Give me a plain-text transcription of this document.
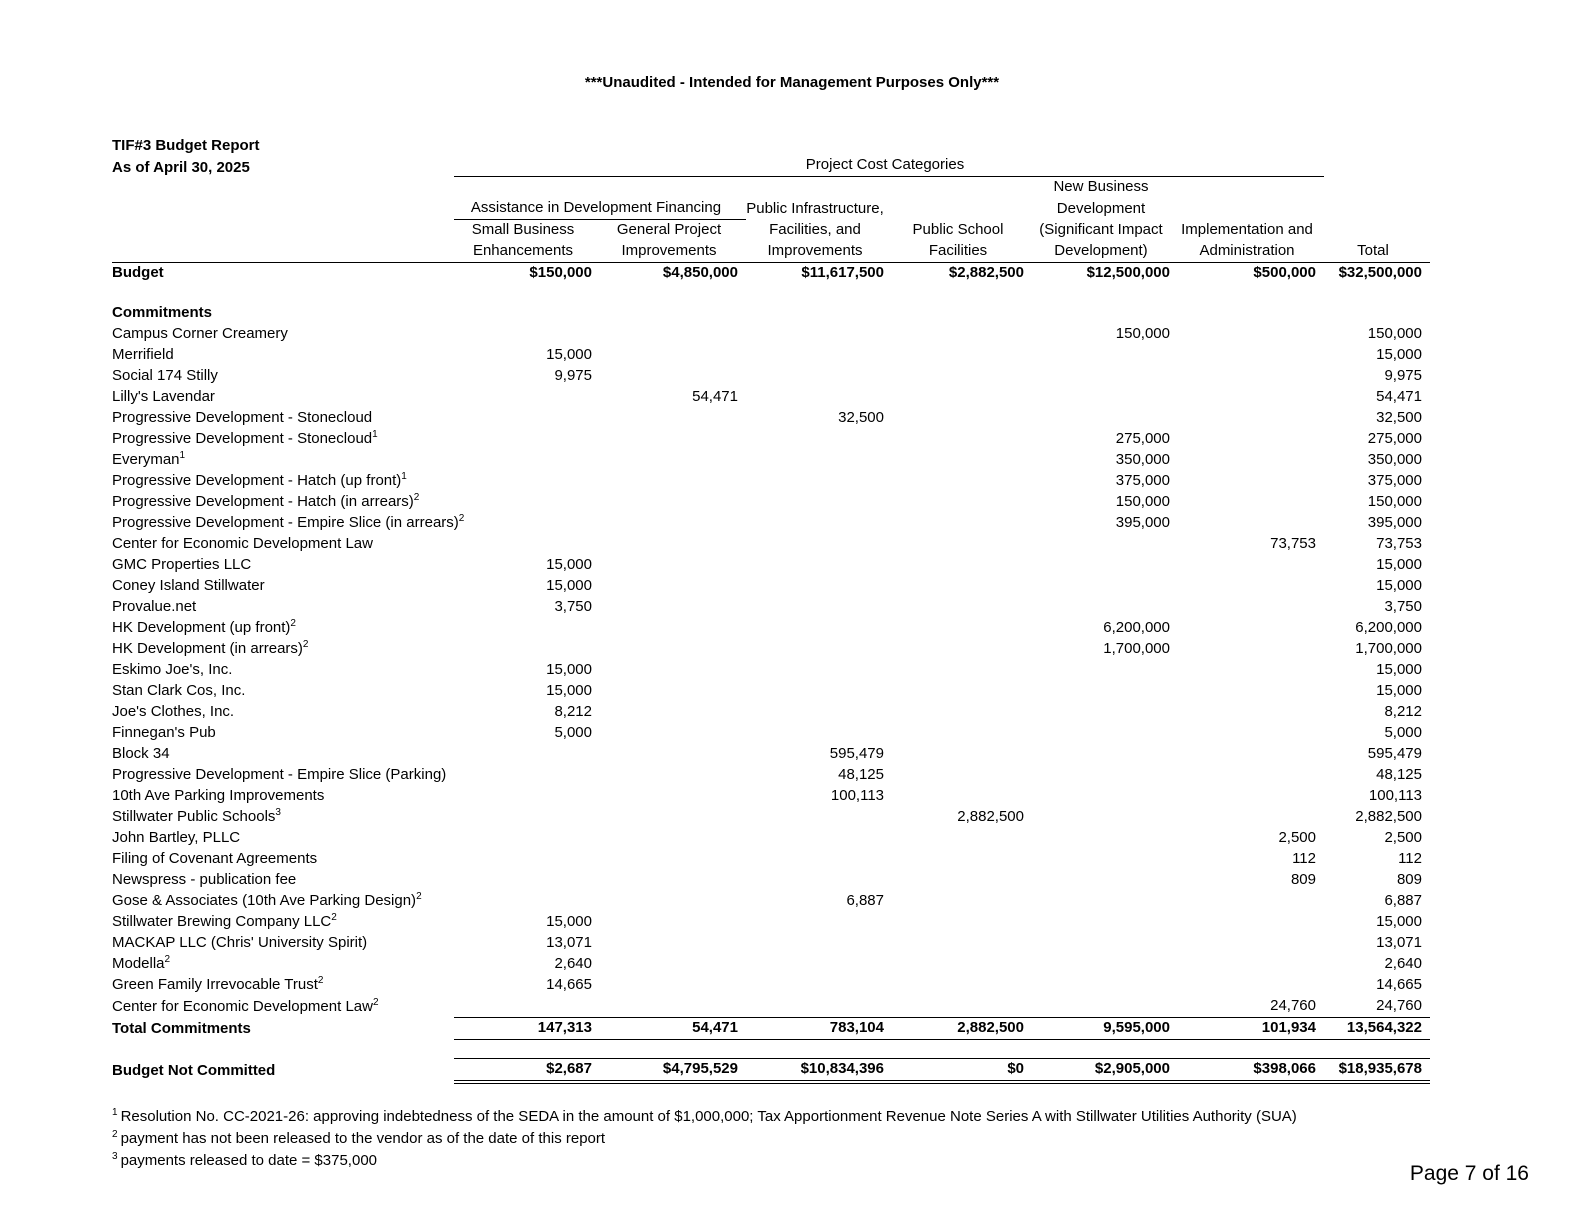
***Unaudited - Intended for Management Purposes Only***
TIF#3 Budget Report
As of April 30, 2025
		Project Cost Categories						
					New Business		
	Assistance in Development Financing		Public Infrastructure,		Development		
	Small Business	General Project	Facilities, and	Public School	(Significant Impact	Implementation and	
	Enhancements	Improvements	Improvements	Facilities	Development)	Administration	Total
Budget	$150,000	$4,850,000	$11,617,500	$2,882,500	$12,500,000	$500,000	$32,500,000

Commitments							
Campus Corner Creamery					150,000		150,000
Merrifield	15,000						15,000
Social 174 Stilly	9,975						9,975
Lilly's Lavendar		54,471					54,471
Progressive Development - Stonecloud			32,500				32,500
Progressive Development - Stonecloud$^1$					275,000		275,000
Everyman$^1$					350,000		350,000
Progressive Development - Hatch (up front)$^1$					375,000		375,000
Progressive Development - Hatch (in arrears)$^2$					150,000		150,000
Progressive Development - Empire Slice (in arrears)$^2$					395,000		395,000
Center for Economic Development Law						73,753	73,753
GMC Properties LLC	15,000						15,000
Coney Island Stillwater	15,000						15,000
Provalue.net	3,750						3,750
HK Development (up front)$^2$					6,200,000		6,200,000
HK Development (in arrears)$^2$					1,700,000		1,700,000
Eskimo Joe's, Inc.	15,000						15,000
Stan Clark Cos, Inc.	15,000						15,000
Joe's Clothes, Inc.	8,212						8,212
Finnegan's Pub	5,000						5,000
Block 34			595,479				595,479
Progressive Development - Empire Slice (Parking)			48,125				48,125
10th Ave Parking Improvements			100,113				100,113
Stillwater Public Schools$^3$				2,882,500			2,882,500
John Bartley, PLLC						2,500	2,500
Filing of Covenant Agreements						112	112
Newspress - publication fee						809	809
Gose & Associates (10th Ave Parking Design)$^2$			6,887				6,887
Stillwater Brewing Company LLC$^2$	15,000						15,000
MACKAP LLC (Chris' University Spirit)	13,071						13,071
Modella$^2$	2,640						2,640
Green Family Irrevocable Trust$^2$	14,665						14,665
Center for Economic Development Law$^2$						24,760	24,760
Total Commitments	147,313	54,471	783,104	2,882,500	9,595,000	101,934	13,564,322

Budget Not Committed	$2,687	$4,795,529	$10,834,396	$0	$2,905,000	$398,066	$18,935,678
$^1$ Resolution No. CC-2021-26: approving indebtedness of the SEDA in the amount of $1,000,000; Tax Apportionment Revenue Note Series A with Stillwater Utilities Authority (SUA)
$^2$ payment has not been released to the vendor as of the date of this report
$^3$ payments released to date = $375,000
Page 7 of 16
